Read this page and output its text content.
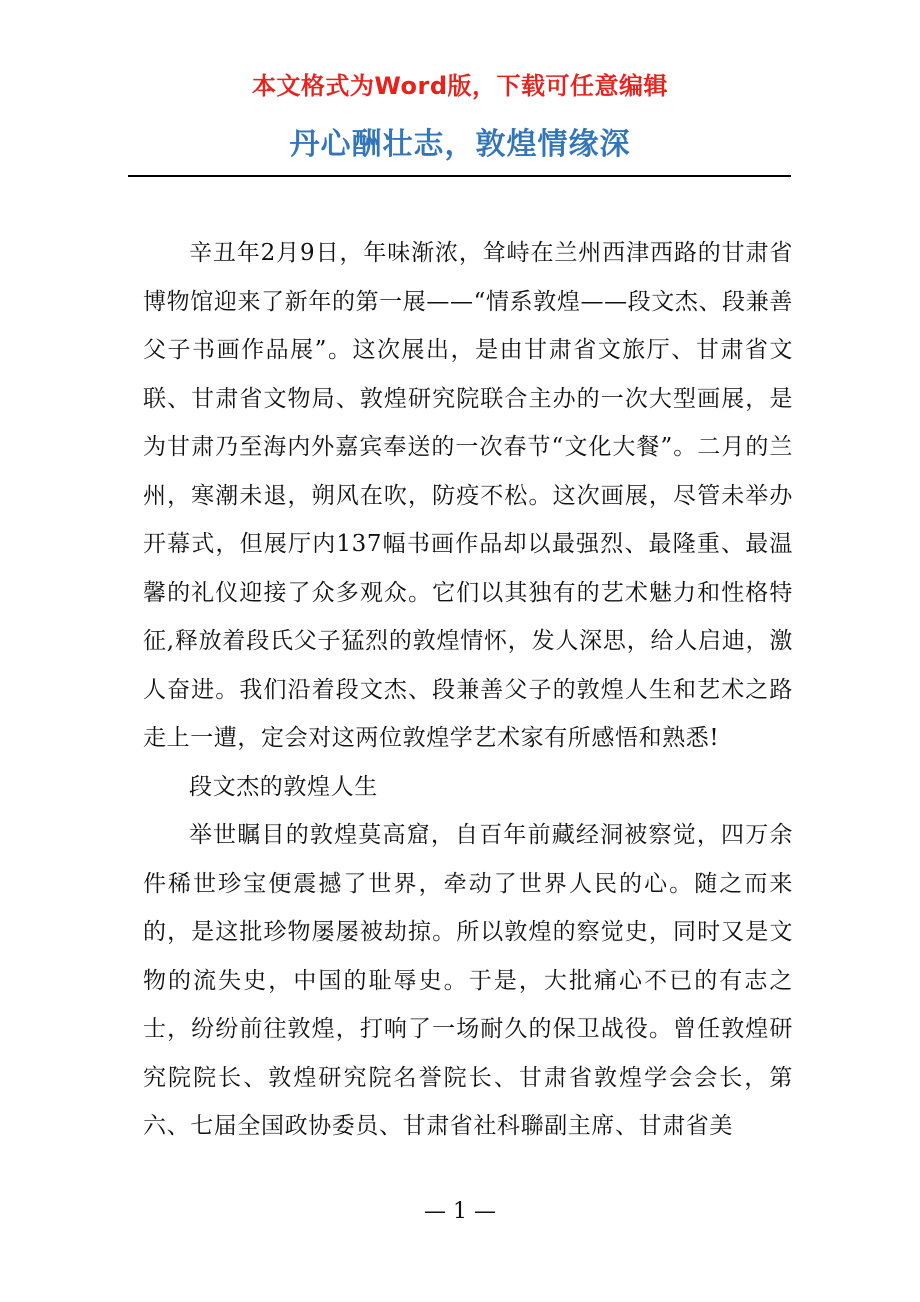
本文格式为Word版，下载可任意编辑
丹心酬壮志，敦煌情缘深

辛丑年2月9日，年味渐浓，耸峙在兰州西津西路的甘肃省博物馆迎来了新年的第一展——“情系敦煌——段文杰、段兼善父子书画作品展”。这次展出，是由甘肃省文旅厅、甘肃省文联、甘肃省文物局、敦煌研究院联合主办的一次大型画展，是为甘肃乃至海内外嘉宾奉送的一次春节“文化大餐”。二月的兰州，寒潮未退，朔风在吹，防疫不松。这次画展，尽管未举办开幕式，但展厅内137幅书画作品却以最强烈、最隆重、最温馨的礼仪迎接了众多观众。它们以其独有的艺术魅力和性格特征,释放着段氏父子猛烈的敦煌情怀，发人深思，给人启迪，激人奋进。我们沿着段文杰、段兼善父子的敦煌人生和艺术之路走上一遭，定会对这两位敦煌学艺术家有所感悟和熟悉!

段文杰的敦煌人生

举世瞩目的敦煌莫高窟，自百年前藏经洞被察觉，四万余件稀世珍宝便震撼了世界，牵动了世界人民的心。随之而来的，是这批珍物屡屡被劫掠。所以敦煌的察觉史，同时又是文物的流失史，中国的耻辱史。于是，大批痛心不已的有志之士，纷纷前往敦煌，打响了一场耐久的保卫战役。曾任敦煌研究院院长、敦煌研究院名誉院长、甘肃省敦煌学会会长，第六、七届全国政协委员、甘肃省社科聯副主席、甘肃省美

— 1 —
